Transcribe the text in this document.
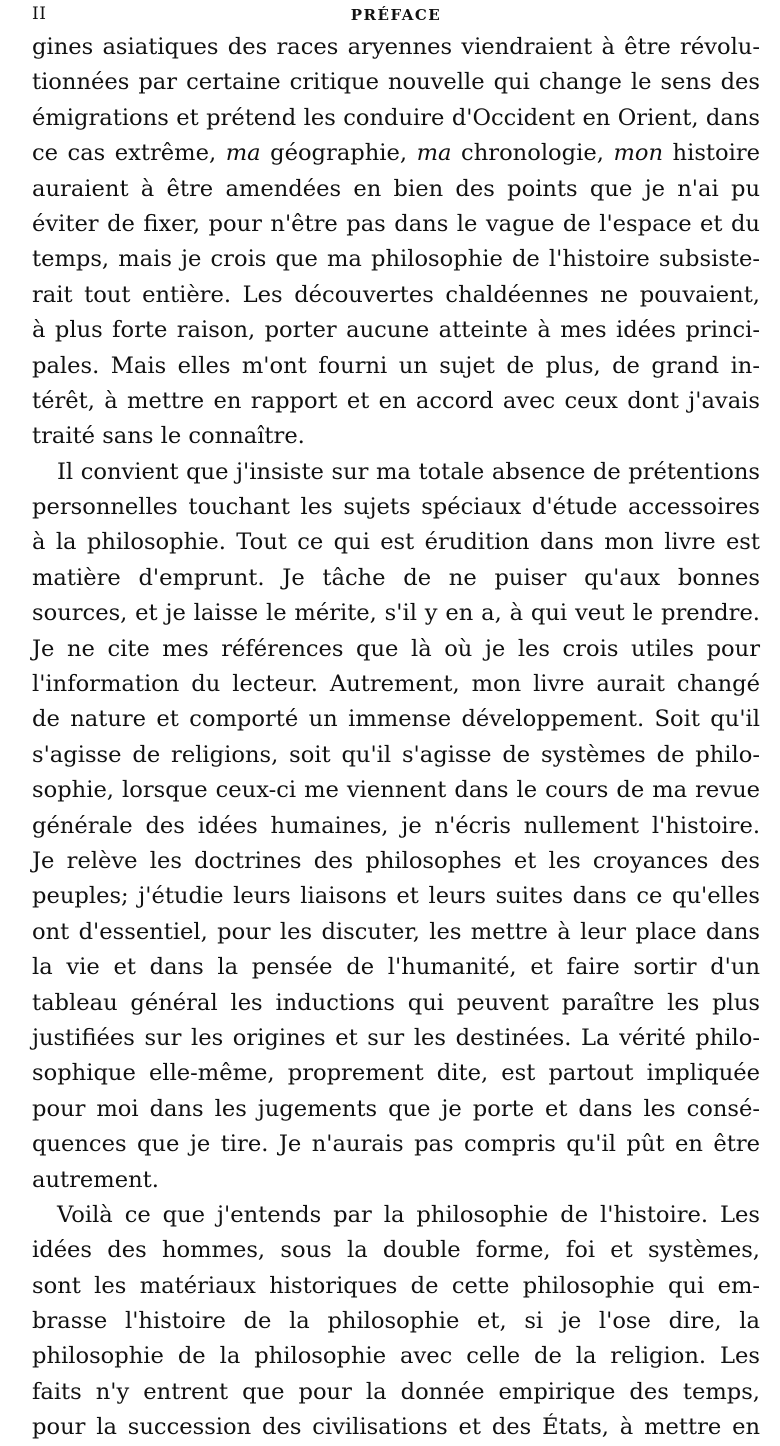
II	PRÉFACE
gines asiatiques des races aryennes viendraient à être révolu-
tionnées par certaine critique nouvelle qui change le sens des
émigrations et prétend les conduire d'Occident en Orient, dans
ce cas extrême, ma géographie, ma chronologie, mon histoire
auraient à être amendées en bien des points que je n'ai pu
éviter de fixer, pour n'être pas dans le vague de l'espace et du
temps, mais je crois que ma philosophie de l'histoire subsiste-
rait tout entière. Les découvertes chaldéennes ne pouvaient,
à plus forte raison, porter aucune atteinte à mes idées princi-
pales. Mais elles m'ont fourni un sujet de plus, de grand in-
térêt, à mettre en rapport et en accord avec ceux dont j'avais
traité sans le connaître.
Il convient que j'insiste sur ma totale absence de prétentions
personnelles touchant les sujets spéciaux d'étude accessoires
à la philosophie. Tout ce qui est érudition dans mon livre est
matière d'emprunt. Je tâche de ne puiser qu'aux bonnes
sources, et je laisse le mérite, s'il y en a, à qui veut le prendre.
Je ne cite mes références que là où je les crois utiles pour
l'information du lecteur. Autrement, mon livre aurait changé
de nature et comporté un immense développement. Soit qu'il
s'agisse de religions, soit qu'il s'agisse de systèmes de philo-
sophie, lorsque ceux-ci me viennent dans le cours de ma revue
générale des idées humaines, je n'écris nullement l'histoire.
Je relève les doctrines des philosophes et les croyances des
peuples; j'étudie leurs liaisons et leurs suites dans ce qu'elles
ont d'essentiel, pour les discuter, les mettre à leur place dans
la vie et dans la pensée de l'humanité, et faire sortir d'un
tableau général les inductions qui peuvent paraître les plus
justifiées sur les origines et sur les destinées. La vérité philo-
sophique elle-même, proprement dite, est partout impliquée
pour moi dans les jugements que je porte et dans les consé-
quences que je tire. Je n'aurais pas compris qu'il pût en être
autrement.
Voilà ce que j'entends par la philosophie de l'histoire. Les
idées des hommes, sous la double forme, foi et systèmes,
sont les matériaux historiques de cette philosophie qui em-
brasse l'histoire de la philosophie et, si je l'ose dire, la
philosophie de la philosophie avec celle de la religion. Les
faits n'y entrent que pour la donnée empirique des temps,
pour la succession des civilisations et des États, à mettre en
